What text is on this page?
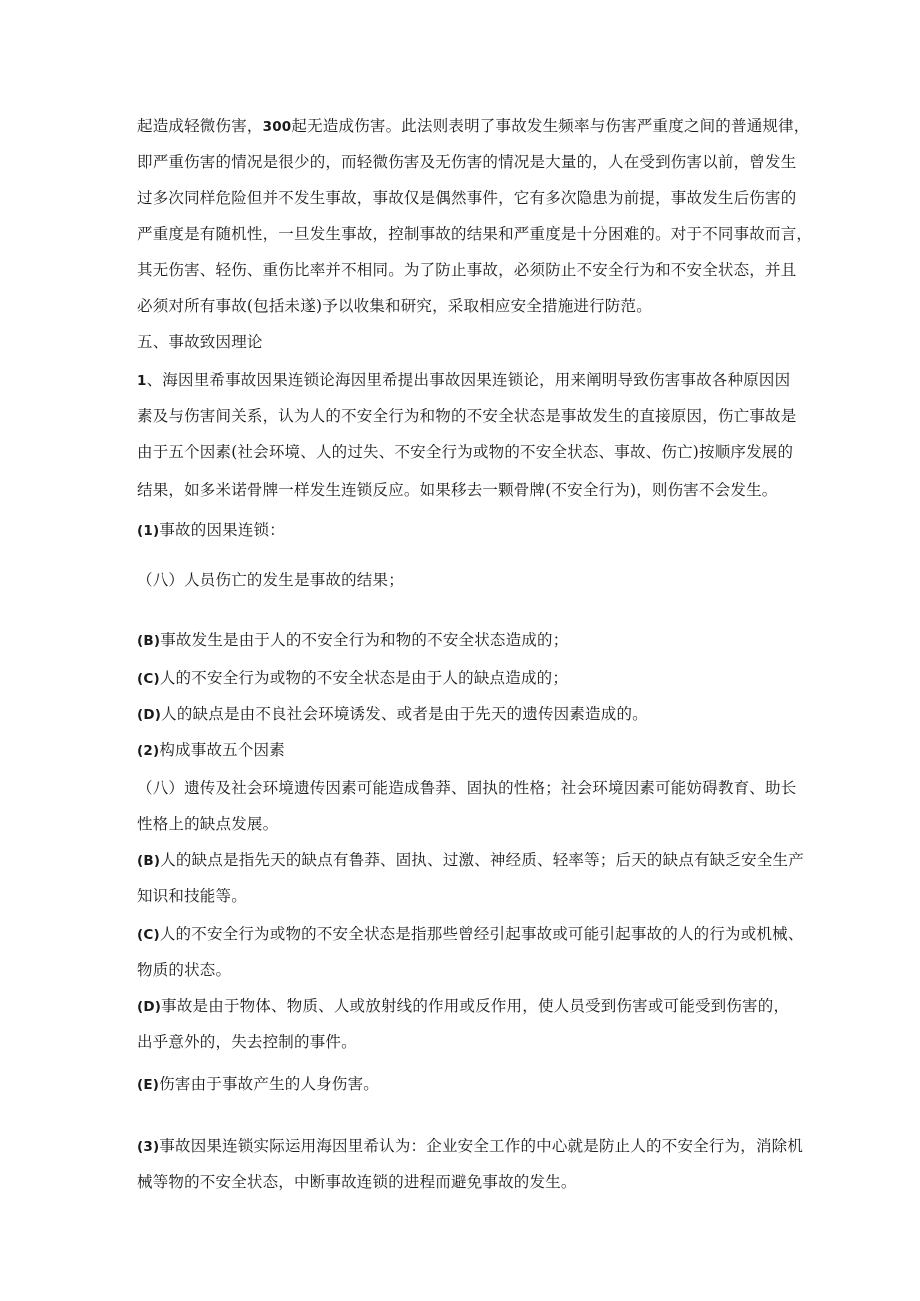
起造成轻微伤害，300起无造成伤害。此法则表明了事故发生频率与伤害严重度之间的普通规律，

即严重伤害的情况是很少的，而轻微伤害及无伤害的情况是大量的，人在受到伤害以前，曾发生

过多次同样危险但并不发生事故，事故仅是偶然事件，它有多次隐患为前提，事故发生后伤害的

严重度是有随机性，一旦发生事故，控制事故的结果和严重度是十分困难的。对于不同事故而言，

其无伤害、轻伤、重伤比率并不相同。为了防止事故，必须防止不安全行为和不安全状态，并且

必须对所有事故(包括未遂)予以收集和研究，采取相应安全措施进行防范。

五、事故致因理论

1、海因里希事故因果连锁论海因里希提出事故因果连锁论，用来阐明导致伤害事故各种原因因

素及与伤害间关系，认为人的不安全行为和物的不安全状态是事故发生的直接原因，伤亡事故是

由于五个因素(社会环境、人的过失、不安全行为或物的不安全状态、事故、伤亡)按顺序发展的

结果，如多米诺骨牌一样发生连锁反应。如果移去一颗骨牌(不安全行为)，则伤害不会发生。

(1)事故的因果连锁：

（八）人员伤亡的发生是事故的结果；

(B)事故发生是由于人的不安全行为和物的不安全状态造成的；

(C)人的不安全行为或物的不安全状态是由于人的缺点造成的；

(D)人的缺点是由不良社会环境诱发、或者是由于先天的遗传因素造成的。

(2)构成事故五个因素

（八）遗传及社会环境遗传因素可能造成鲁莽、固执的性格；社会环境因素可能妨碍教育、助长

性格上的缺点发展。

(B)人的缺点是指先天的缺点有鲁莽、固执、过激、神经质、轻率等；后天的缺点有缺乏安全生产

知识和技能等。

(C)人的不安全行为或物的不安全状态是指那些曾经引起事故或可能引起事故的人的行为或机械、

物质的状态。

(D)事故是由于物体、物质、人或放射线的作用或反作用，使人员受到伤害或可能受到伤害的，

出乎意外的，失去控制的事件。

(E)伤害由于事故产生的人身伤害。

(3)事故因果连锁实际运用海因里希认为：企业安全工作的中心就是防止人的不安全行为，消除机

械等物的不安全状态，中断事故连锁的进程而避免事故的发生。
